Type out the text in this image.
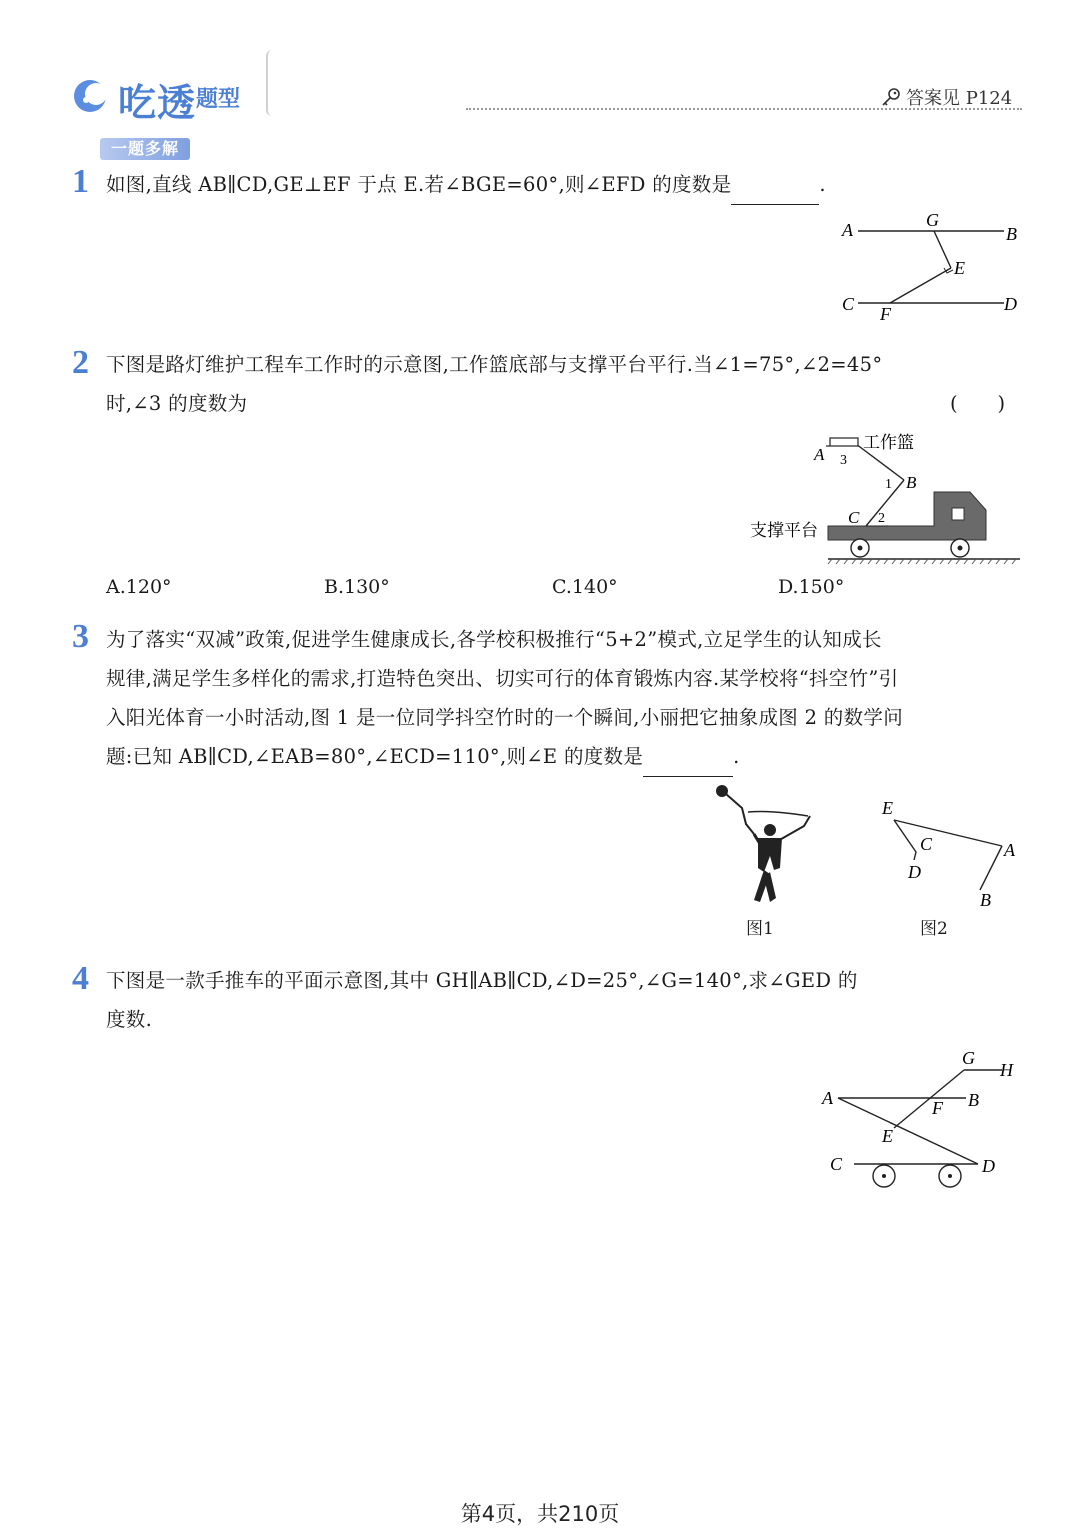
吃透 题型	答案见 P124
一题多解
1 如图,直线 AB∥CD,GE⊥EF 于点 E.若∠BGE=60°,则∠EFD 的度数是	.
A	G
B
E
C F	D
2 下图是路灯维护工程车工作时的示意图,工作篮底部与支撑平台平行.当∠1=75°,∠2=45°
时,∠3 的度数为	(　　)
A 3
1 B
C 2
工作篮
支撑平台
A.120°	B.130°	C.140°	D.150°
3 为了落实“双减”政策,促进学生健康成长,各学校积极推行“5+2”模式,立足学生的认知成长
规律,满足学生多样化的需求,打造特色突出、切实可行的体育锻炼内容.某学校将“抖空竹”引
入阳光体育一小时活动,图 1 是一位同学抖空竹时的一个瞬间,小丽把它抽象成图 2 的数学问
题:已知 AB∥CD,∠EAB=80°,∠ECD=110°,则∠E 的度数是	.
图1
E
C
D
A
B
图2
4 下图是一款手推车的平面示意图,其中 GH∥AB∥CD,∠D=25°,∠G=140°,求∠GED 的
度数.
G
H
A	F B
E
C	D
第4页，共210页
